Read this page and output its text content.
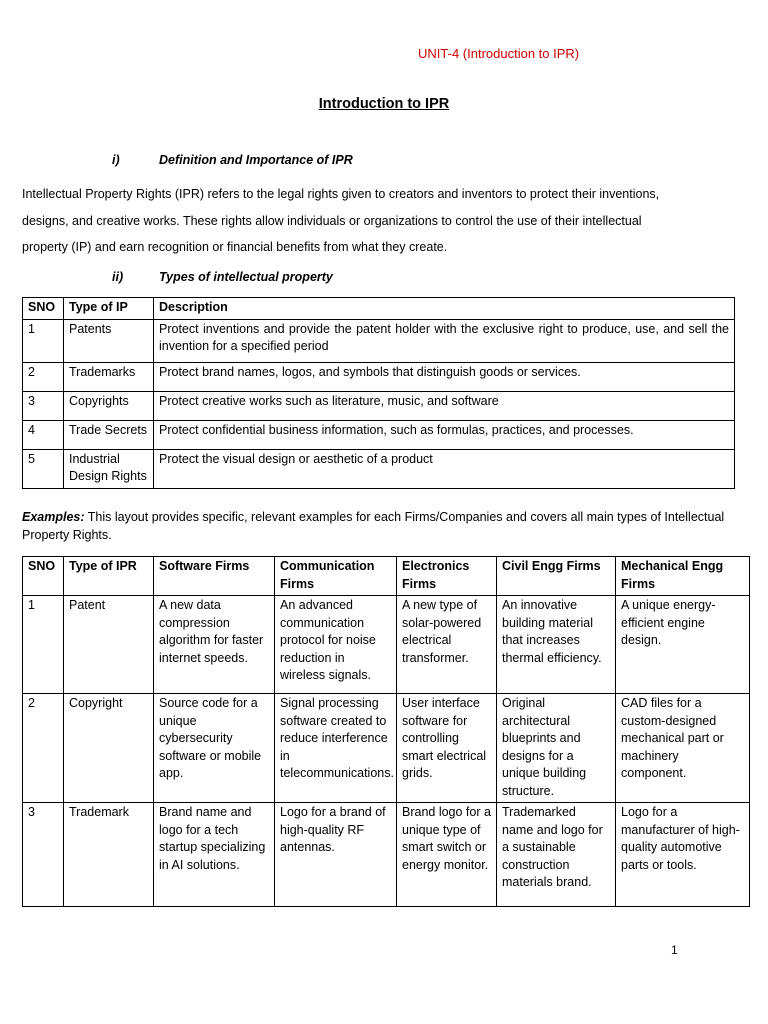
UNIT-4 (Introduction to IPR)
Introduction to IPR
i)	Definition and Importance of IPR

Intellectual Property Rights (IPR) refers to the legal rights given to creators and inventors to protect their inventions, designs, and creative works. These rights allow individuals or organizations to control the use of their intellectual property (IP) and earn recognition or financial benefits from what they create.

ii)	Types of intellectual property
SNO	Type of IP	Description
1	Patents	Protect inventions and provide the patent holder with the exclusive right to produce, use, and sell the invention for a specified period
2	Trademarks	Protect brand names, logos, and symbols that distinguish goods or services.
3	Copyrights	Protect creative works such as literature, music, and software
4	Trade Secrets	Protect confidential business information, such as formulas, practices, and processes.
5	Industrial Design Rights	Protect the visual design or aesthetic of a product

Examples: This layout provides specific, relevant examples for each Firms/Companies and covers all main types of Intellectual Property Rights.

SNO	Type of IPR	Software Firms	Communication Firms	Electronics Firms	Civil Engg Firms	Mechanical Engg Firms
1	Patent	A new data compression algorithm for faster internet speeds.	An advanced communication protocol for noise reduction in wireless signals.	A new type of solar-powered electrical transformer.	An innovative building material that increases thermal efficiency.	A unique energy-efficient engine design.
2	Copyright	Source code for a unique cybersecurity software or mobile app.	Signal processing software created to reduce interference in telecommunications.	User interface software for controlling smart electrical grids.	Original architectural blueprints and designs for a unique building structure.	CAD files for a custom-designed mechanical part or machinery component.
3	Trademark	Brand name and logo for a tech startup specializing in AI solutions.	Logo for a brand of high-quality RF antennas.	Brand logo for a unique type of smart switch or energy monitor.	Trademarked name and logo for a sustainable construction materials brand.	Logo for a manufacturer of high-quality automotive parts or tools.
1
